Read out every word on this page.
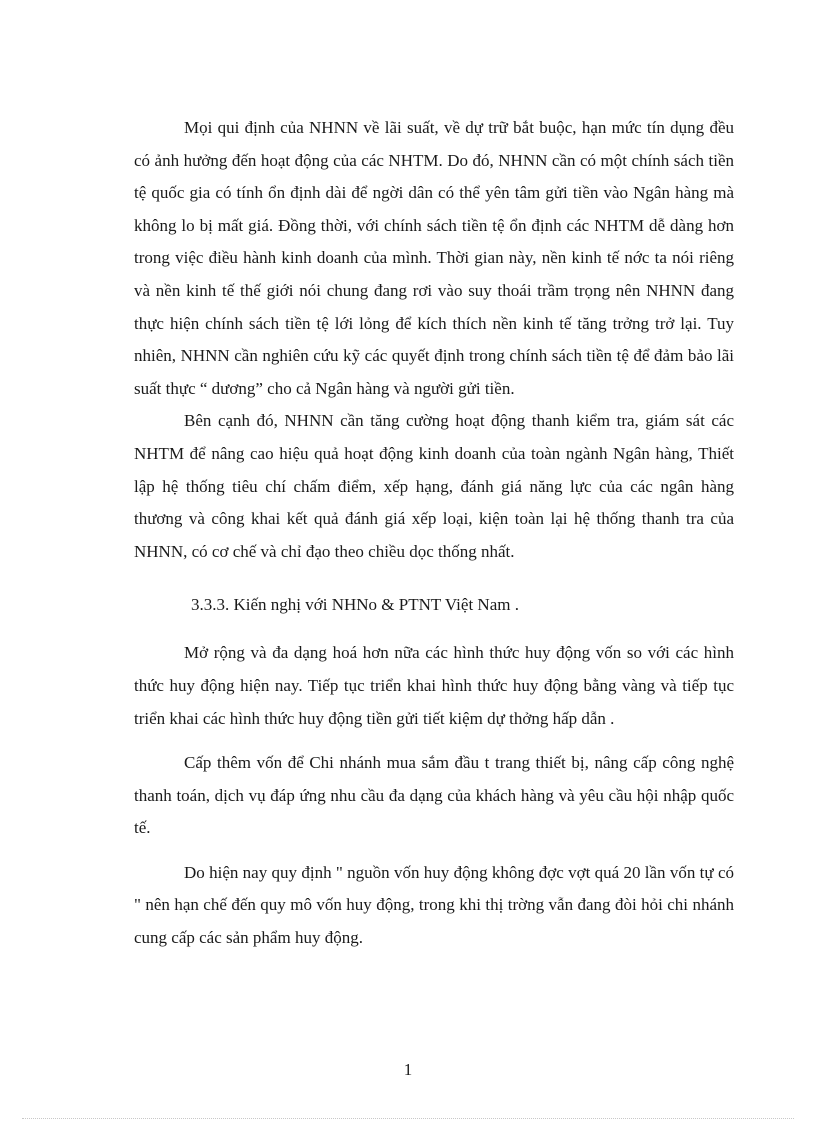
Mọi qui định của NHNN về lãi suất, về dự trữ bắt buộc, hạn mức tín dụng đều có ảnh hưởng đến hoạt động của các NHTM. Do đó, NHNN cần có một chính sách tiền tệ quốc gia có tính ổn định dài để ngời dân có thể yên tâm gửi tiền vào Ngân hàng mà không lo bị mất giá. Đồng thời, với chính sách tiền tệ ổn định các NHTM dễ dàng hơn trong việc điều hành kinh doanh của mình. Thời gian này, nền kinh tế nớc ta nói riêng và nền kinh tế thế giới nói chung đang rơi vào suy thoái trầm trọng nên NHNN đang thực hiện chính sách tiền tệ lới lỏng để kích thích nền kinh tế tăng trởng trở lại. Tuy nhiên, NHNN cần nghiên cứu kỹ các quyết định trong chính sách tiền tệ để đảm bảo lãi suất thực “ dương” cho cả Ngân hàng và người gửi tiền.

Bên cạnh đó, NHNN cần tăng cường hoạt động thanh kiểm tra, giám sát các NHTM để nâng cao hiệu quả hoạt động kinh doanh của toàn ngành Ngân hàng, Thiết lập hệ thống tiêu chí chấm điểm, xếp hạng, đánh giá năng lực của các ngân hàng thương và công khai kết quả đánh giá xếp loại, kiện toàn lại hệ thống thanh tra của NHNN, có cơ chế và chỉ đạo theo chiều dọc thống nhất.

3.3.3. Kiến nghị với NHNo & PTNT Việt Nam .

Mở rộng và đa dạng hoá hơn nữa các hình thức huy động vốn so với các hình thức huy động hiện nay. Tiếp tục triển khai hình thức huy động bằng vàng và tiếp tục triển khai các hình thức huy động tiền gửi tiết kiệm dự thởng hấp dẫn .

Cấp thêm vốn để Chi nhánh mua sắm đầu t trang thiết bị, nâng cấp công nghệ thanh toán, dịch vụ đáp ứng nhu cầu đa dạng của khách hàng và yêu cầu hội nhập quốc tế.

Do hiện nay quy định " nguồn vốn huy động không đợc vợt quá 20 lần vốn tự có " nên hạn chế đến quy mô vốn huy động, trong khi thị trờng vẫn đang đòi hỏi chi nhánh cung cấp các sản phẩm huy động.

1
